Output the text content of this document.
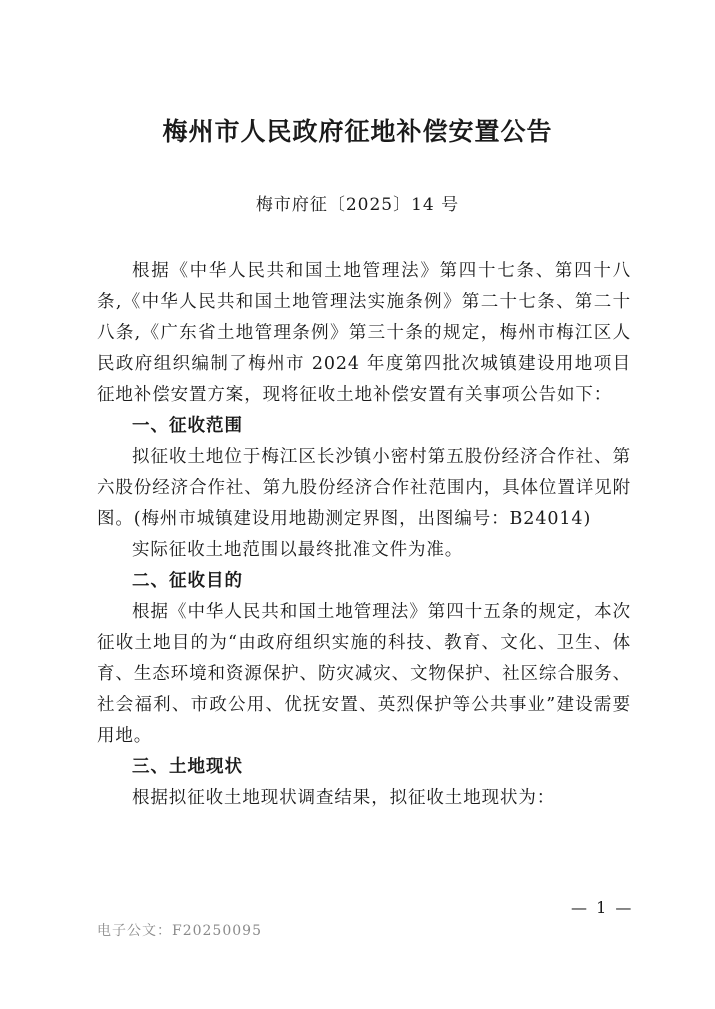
梅州市人民政府征地补偿安置公告

梅市府征〔2025〕14 号

根据《中华人民共和国土地管理法》第四十七条、第四十八条,《中华人民共和国土地管理法实施条例》第二十七条、第二十八条,《广东省土地管理条例》第三十条的规定，梅州市梅江区人民政府组织编制了梅州市 2024 年度第四批次城镇建设用地项目征地补偿安置方案，现将征收土地补偿安置有关事项公告如下：

一、征收范围

拟征收土地位于梅江区长沙镇小密村第五股份经济合作社、第六股份经济合作社、第九股份经济合作社范围内，具体位置详见附图。(梅州市城镇建设用地勘测定界图，出图编号：B24014)

实际征收土地范围以最终批准文件为准。

二、征收目的

根据《中华人民共和国土地管理法》第四十五条的规定，本次征收土地目的为“由政府组织实施的科技、教育、文化、卫生、体育、生态环境和资源保护、防灾减灾、文物保护、社区综合服务、社会福利、市政公用、优抚安置、英烈保护等公共事业”建设需要用地。

三、土地现状

根据拟征收土地现状调查结果，拟征收土地现状为：

— 1 —
电子公文：F20250095
